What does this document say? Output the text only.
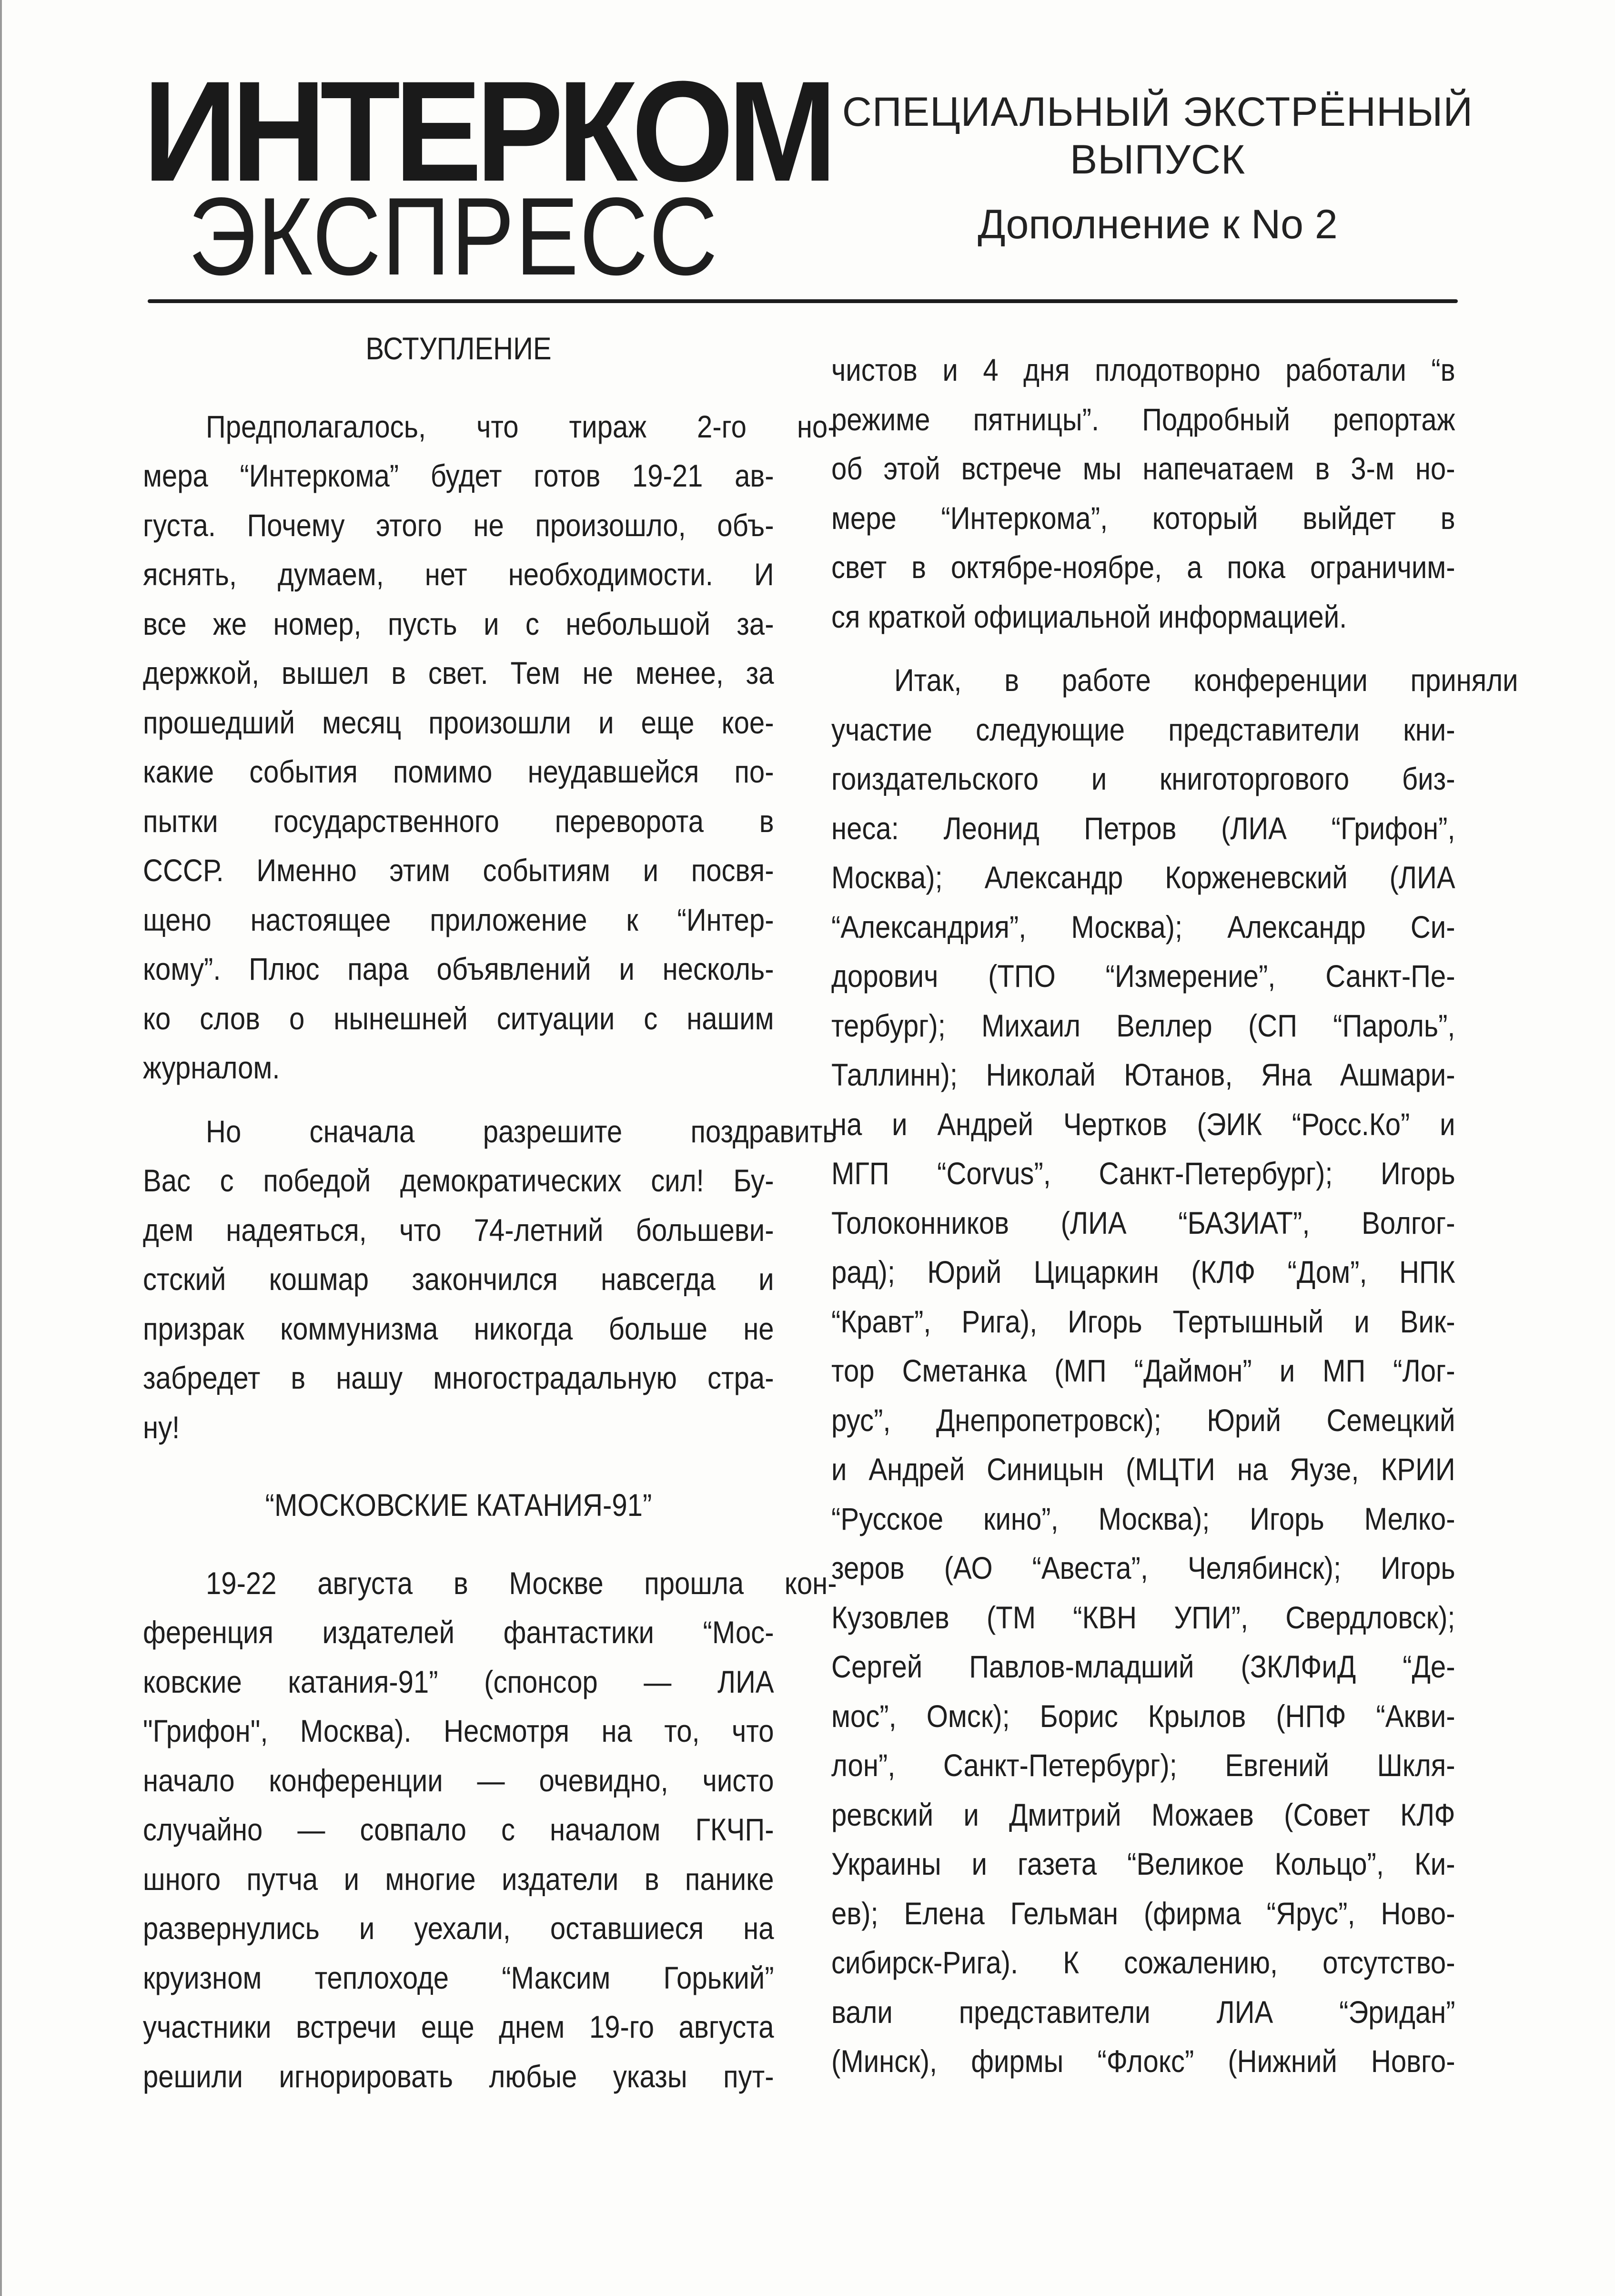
ИНТЕРКОМ
ЭКСПРЕСС
СПЕЦИАЛЬНЫЙ ЭКСТРЁННЫЙ
ВЫПУСК
Дополнение к No 2
ВСТУПЛЕНИЕ
Предполагалось, что тираж 2-го но-
мера “Интеркома” будет готов 19-21 ав-
густа. Почему этого не произошло, объ-
яснять, думаем, нет необходимости. И
все же номер, пусть и с небольшой за-
держкой, вышел в свет. Тем не менее, за
прошедший месяц произошли и еще кое-
какие события помимо неудавшейся по-
пытки государственного переворота в
СССР. Именно этим событиям и посвя-
щено настоящее приложение к “Интер-
кому”. Плюс пара объявлений и несколь-
ко слов о нынешней ситуации с нашим
журналом.
Но сначала разрешите поздравить
Вас с победой демократических сил! Бу-
дем надеяться, что 74-летний большеви-
стский кошмар закончился навсегда и
призрак коммунизма никогда больше не
забредет в нашу многострадальную стра-
ну!
“МОСКОВСКИЕ КАТАНИЯ-91”
19-22 августа в Москве прошла кон-
ференция издателей фантастики “Мос-
ковские катания-91” (спонсор — ЛИА
"Грифон", Москва). Несмотря на то, что
начало конференции — очевидно, чисто
случайно — совпало с началом ГКЧП-
шного путча и многие издатели в панике
развернулись и уехали, оставшиеся на
круизном теплоходе “Максим Горький”
участники встречи еще днем 19-го августа
решили игнорировать любые указы пут-
чистов и 4 дня плодотворно работали “в
режиме пятницы”. Подробный репортаж
об этой встрече мы напечатаем в 3-м но-
мере “Интеркома”, который выйдет в
свет в октябре-ноябре, а пока ограничим-
ся краткой официальной информацией.
Итак, в работе конференции приняли
участие следующие представители кни-
гоиздательского и книготоргового биз-
неса: Леонид Петров (ЛИА “Грифон”,
Москва); Александр Корженевский (ЛИА
“Александрия”, Москва); Александр Си-
дорович (ТПО “Измерение”, Санкт-Пе-
тербург); Михаил Веллер (СП “Пароль”,
Таллинн); Николай Ютанов, Яна Ашмари-
на и Андрей Чертков (ЭИК “Росс.Ко” и
МГП “Corvus”, Санкт-Петербург); Игорь
Толоконников (ЛИА “БАЗИАТ”, Волгог-
рад); Юрий Цицаркин (КЛФ “Дом”, НПК
“Кравт”, Рига), Игорь Тертышный и Вик-
тор Сметанка (МП “Даймон” и МП “Лог-
рус”, Днепропетровск); Юрий Семецкий
и Андрей Синицын (МЦТИ на Яузе, КРИИ
“Русское кино”, Москва); Игорь Мелко-
зеров (АО “Авеста”, Челябинск); Игорь
Кузовлев (ТМ “КВН УПИ”, Свердловск);
Сергей Павлов-младший (ЗКЛФиД “Де-
мос”, Омск); Борис Крылов (НПФ “Акви-
лон”, Санкт-Петербург); Евгений Шкля-
ревский и Дмитрий Можаев (Совет КЛФ
Украины и газета “Великое Кольцо”, Ки-
ев); Елена Гельман (фирма “Ярус”, Ново-
сибирск-Рига). К сожалению, отсутство-
вали представители ЛИА “Эридан”
(Минск), фирмы “Флокс” (Нижний Новго-
